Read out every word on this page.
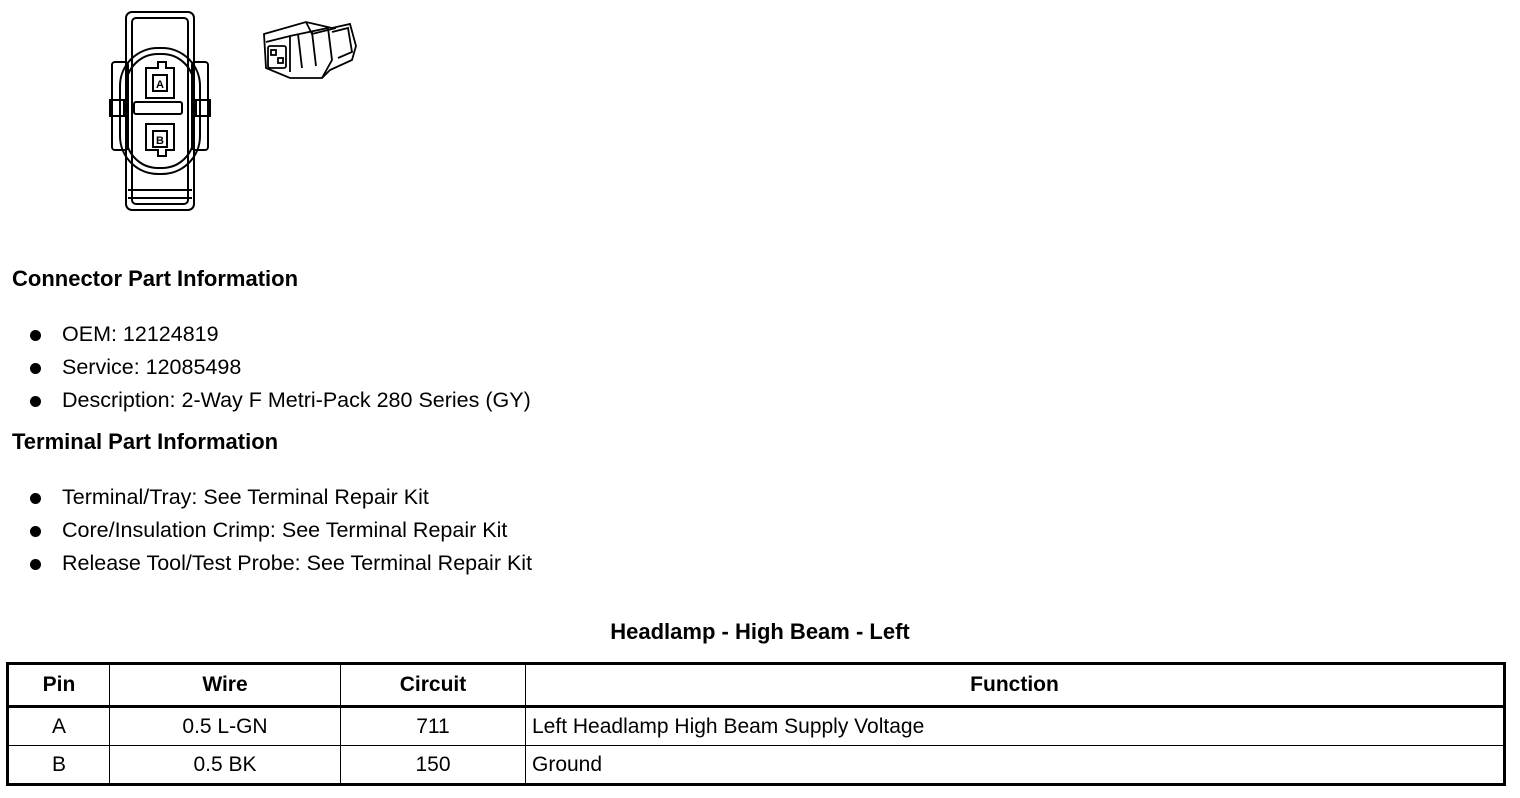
A
B
Connector Part Information
OEM: 12124819
Service: 12085498
Description: 2-Way F Metri-Pack 280 Series (GY)
Terminal Part Information
Terminal/Tray: See Terminal Repair Kit
Core/Insulation Crimp: See Terminal Repair Kit
Release Tool/Test Probe: See Terminal Repair Kit
Headlamp - High Beam - Left
Pin	Wire	Circuit	Function
A	0.5 L-GN	711	Left Headlamp High Beam Supply Voltage
B	0.5 BK	150	Ground
